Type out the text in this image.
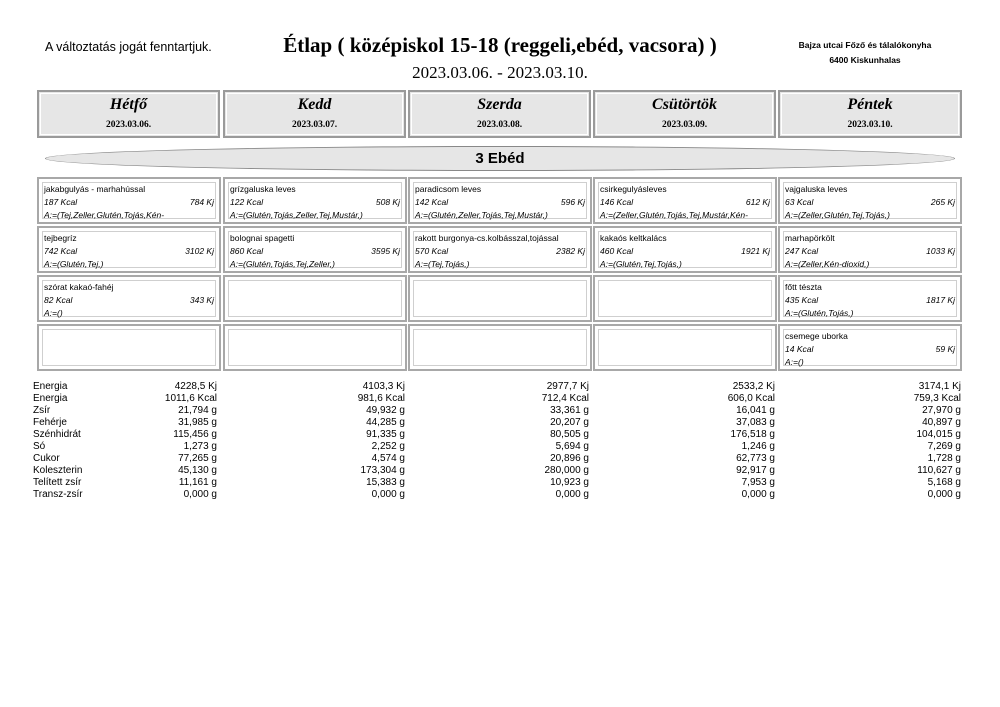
A változtatás jogát fenntartjuk.	Étlap ( középiskol 15-18 (reggeli,ebéd, vacsora) )
2023.03.06. - 2023.03.10.
Bajza utcai Főző és tálalókonyha
6400 Kiskunhalas
Hétfő
2023.03.06.
Kedd
2023.03.07.
Szerda
2023.03.08.
Csütörtök
2023.03.09.
Péntek
2023.03.10.
3 Ebéd
jakabgulyás - marhahússal
187 Kcal	784 Kj
A:=(Tej,Zeller,Glutén,Tojás,Kén-
tejbegríz
742 Kcal	3102 Kj
A:=(Glutén,Tej,)
szórat kakaó-fahéj
82 Kcal	343 Kj
A:=()
grízgaluska leves
122 Kcal	508 Kj
A:=(Glutén,Tojás,Zeller,Tej,Mustár,)
bolognai spagetti
860 Kcal	3595 Kj
A:=(Glutén,Tojás,Tej,Zeller,)
paradicsom leves
142 Kcal	596 Kj
A:=(Glutén,Zeller,Tojás,Tej,Mustár,)
rakott burgonya-cs.kolbásszal,tojással
570 Kcal	2382 Kj
A:=(Tej,Tojás,)
csirkegulyásleves
146 Kcal	612 Kj
A:=(Zeller,Glutén,Tojás,Tej,Mustár,Kén-
kakaós keltkalács
460 Kcal	1921 Kj
A:=(Glutén,Tej,Tojás,)
vajgaluska leves
63 Kcal	265 Kj
A:=(Zeller,Glutén,Tej,Tojás,)
marhapörkölt
247 Kcal	1033 Kj
A:=(Zeller,Kén-dioxid,)
főtt tészta
435 Kcal	1817 Kj
A:=(Glutén,Tojás,)
csemege uborka
14 Kcal	59 Kj
A:=()
Energia	4228,5 Kj	4103,3 Kj	2977,7 Kj	2533,2 Kj	3174,1 Kj
Energia	1011,6 Kcal	981,6 Kcal	712,4 Kcal	606,0 Kcal	759,3 Kcal
Zsír	21,794 g	49,932 g	33,361 g	16,041 g	27,970 g
Fehérje	31,985 g	44,285 g	20,207 g	37,083 g	40,897 g
Szénhidrát	115,456 g	91,335 g	80,505 g	176,518 g	104,015 g
Só	1,273 g	2,252 g	5,694 g	1,246 g	7,269 g
Cukor	77,265 g	4,574 g	20,896 g	62,773 g	1,728 g
Koleszterin	45,130 g	173,304 g	280,000 g	92,917 g	110,627 g
Telített zsír	11,161 g	15,383 g	10,923 g	7,953 g	5,168 g
Transz-zsír	0,000 g	0,000 g	0,000 g	0,000 g	0,000 g
